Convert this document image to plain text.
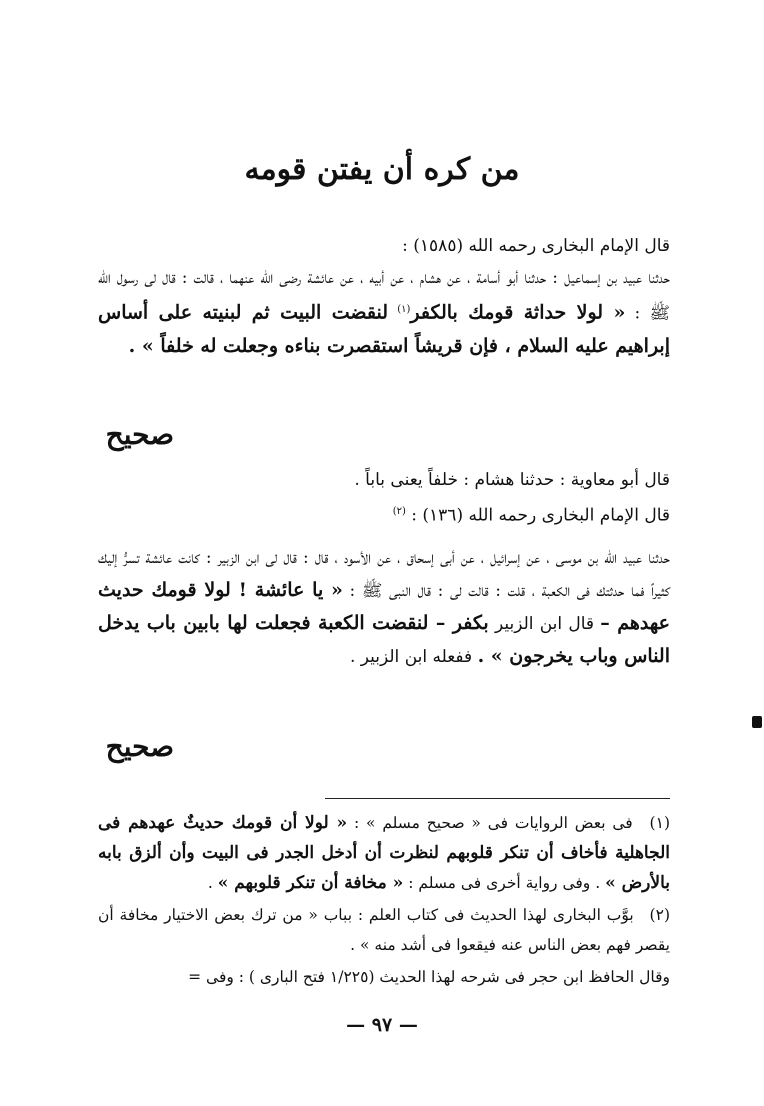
من كره أن يفتن قومه
قال الإمام البخارى رحمه الله (١٥٨٥) :
حدثنا عبيد بن إسماعيل : حدثنا أبو أسامة ، عن هشام ، عن أبيه ، عن عائشة رضى الله عنهما ، قالت : قال لى رسول الله ﷺ : « لولا حداثة قومك بالكفر$^{(١)}$ لنقضت البيت ثم لبنيته على أساس إبراهيم عليه السلام ، فإن قريشاً استقصرت بناءه وجعلت له خلفاً » .
صحيح
قال أبو معاوية : حدثنا هشام : خلفاً يعنى باباً .
قال الإمام البخارى رحمه الله (١٣٦) : $^{(٢)}$
حدثنا عبيد الله بن موسى ، عن إسرائيل ، عن أبى إسحاق ، عن الأسود ، قال : قال لى ابن الزبير : كانت عائشة تسرُّ إليك كثيراً فما حدثتك فى الكعبة ، قلت : قالت لى : قال النبى ﷺ : « يا عائشة ! لولا قومك حديث عهدهم – قال ابن الزبير بكفر – لنقضت الكعبة فجعلت لها بابين باب يدخل الناس وباب يخرجون » . ففعله ابن الزبير .
صحيح
(١) فى بعض الروايات فى « صحيح مسلم » : « لولا أن قومك حديثٌ عهدهم فى الجاهلية فأخاف أن تنكر قلوبهم لنظرت أن أدخل الجدر فى البيت وأن ألزق بابه بالأرض » . وفى رواية أخرى فى مسلم : « مخافة أن تنكر قلوبهم » .
(٢) بوَّب البخارى لهذا الحديث فى كتاب العلم : بباب « من ترك بعض الاختيار مخافة أن يقصر فهم بعض الناس عنه فيقعوا فى أشد منه » .
وقال الحافظ ابن حجر فى شرحه لهذا الحديث (١/٢٢٥ فتح البارى ) : وفى =
— ٩٧ —
